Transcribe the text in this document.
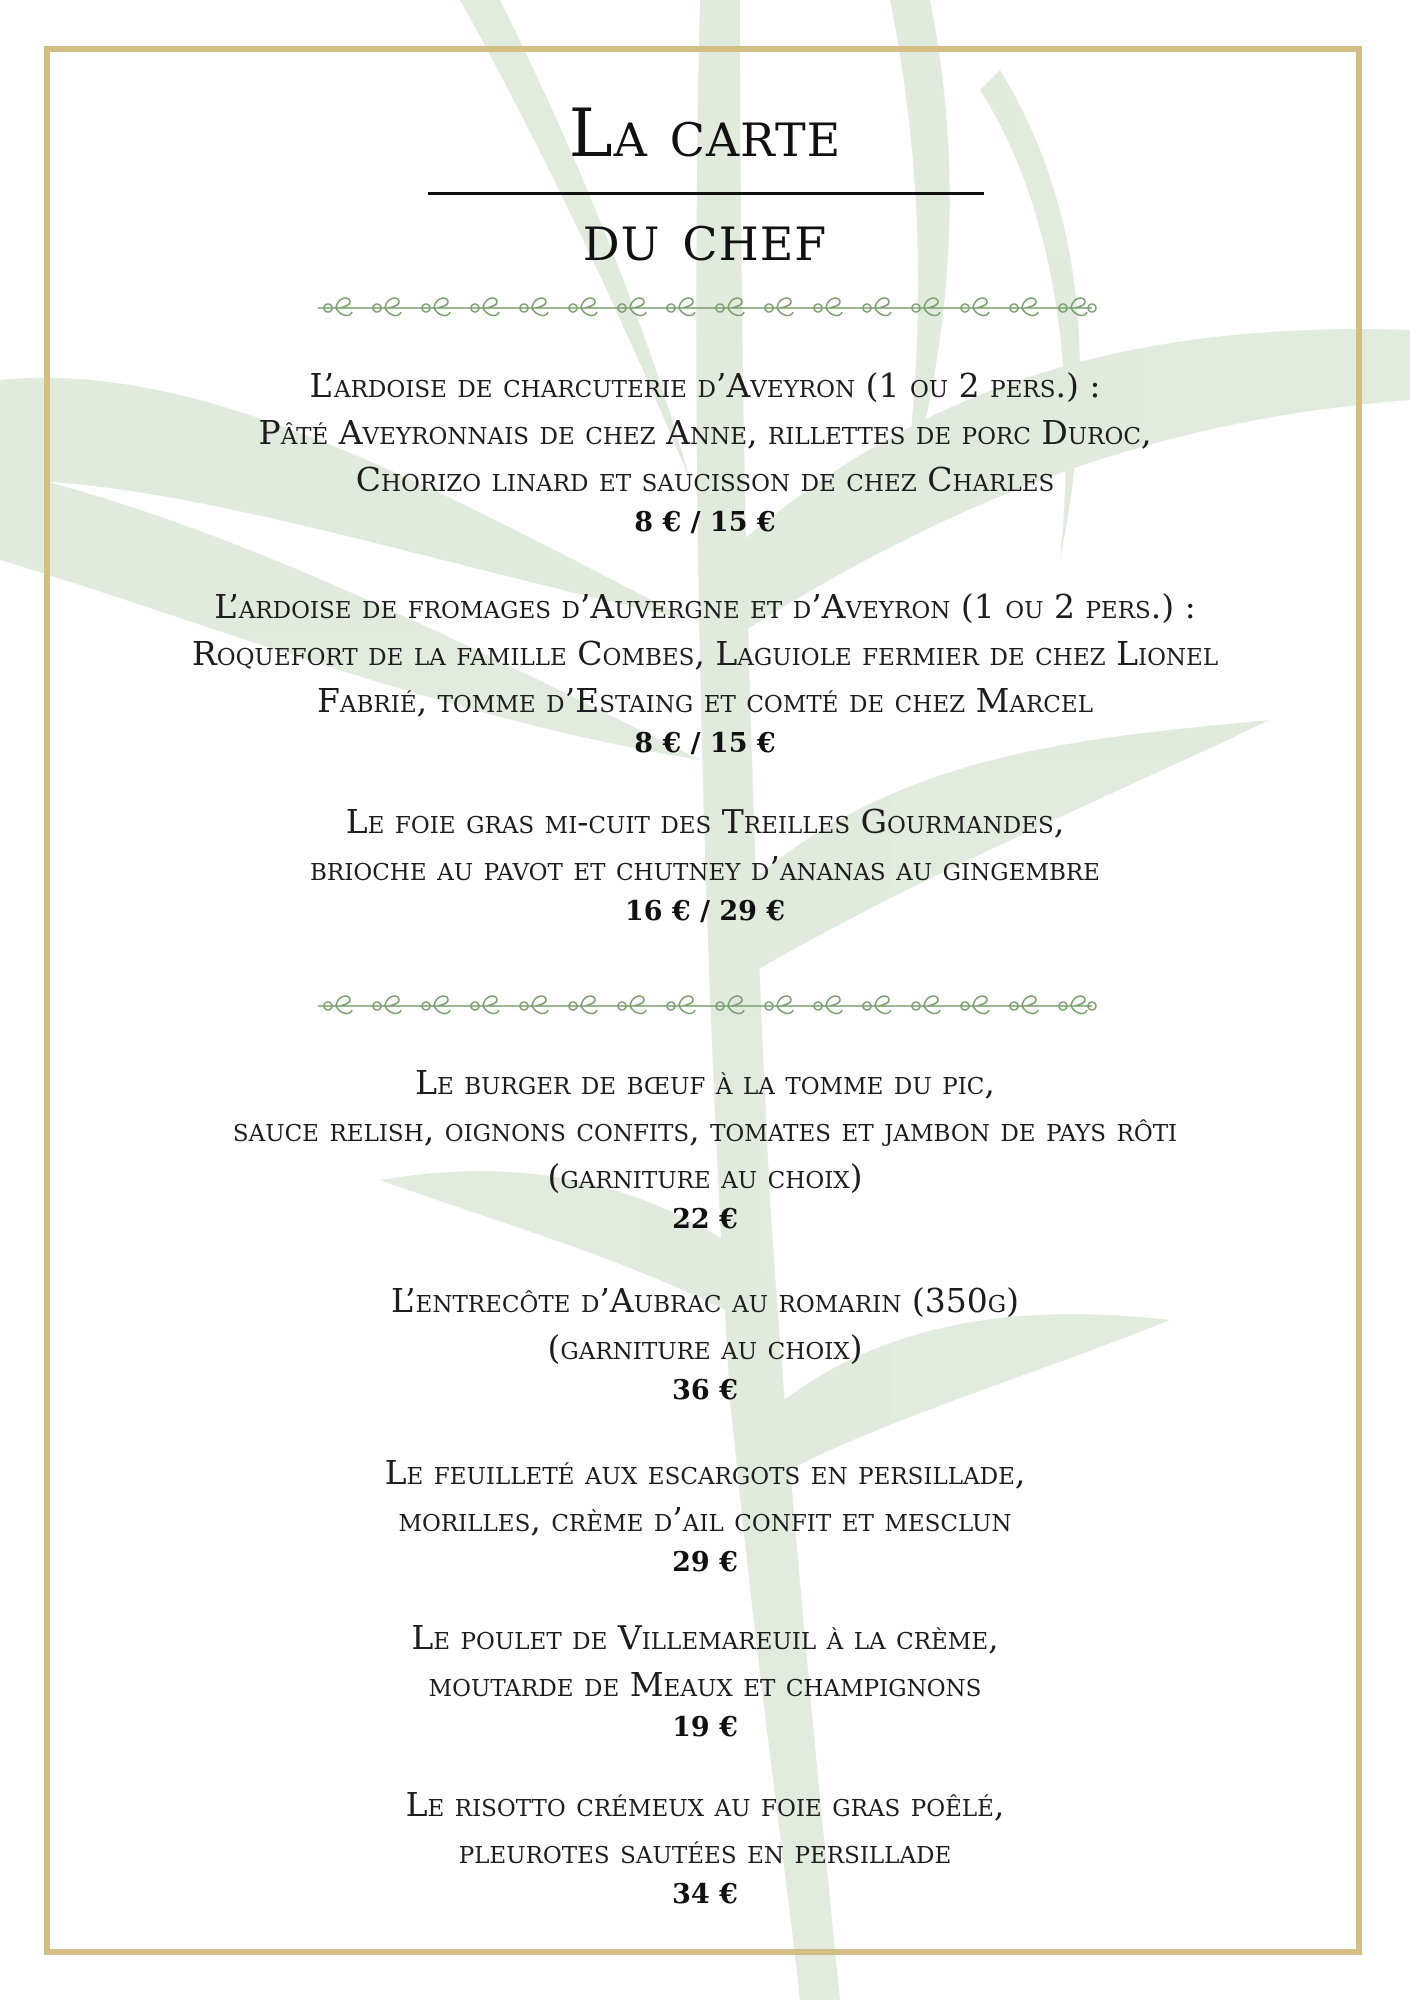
La carte
du chef
L’ardoise de charcuterie d’Aveyron (1 ou 2 pers.) :
Pâté Aveyronnais de chez Anne, rillettes de porc Duroc,
Chorizo linard et saucisson de chez Charles
8 € / 15 €
L’ardoise de fromages d’Auvergne et d’Aveyron (1 ou 2 pers.) :
Roquefort de la famille Combes, Laguiole fermier de chez Lionel
Fabrié, tomme d’Estaing et comté de chez Marcel
8 € / 15 €
Le foie gras mi-cuit des Treilles Gourmandes,
brioche au pavot et chutney d’ananas au gingembre
16 € / 29 €
Le burger de bœuf à la tomme du pic,
sauce relish, oignons confits, tomates et jambon de pays rôti
(garniture au choix)
22 €
L’entrecôte d’Aubrac au romarin (350g)
(garniture au choix)
36 €
Le feuilleté aux escargots en persillade,
morilles, crème d’ail confit et mesclun
29 €
Le poulet de Villemareuil à la crème,
moutarde de Meaux et champignons
19 €
Le risotto crémeux au foie gras poêlé,
pleurotes sautées en persillade
34 €
